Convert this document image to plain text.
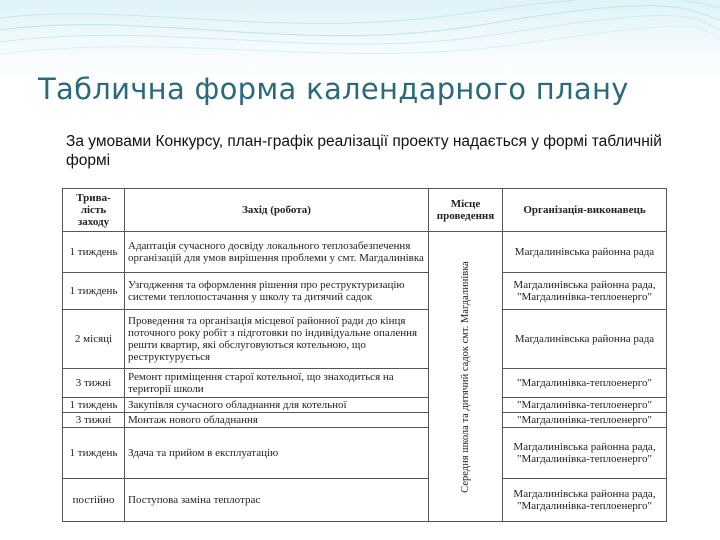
Таблична форма календарного плану
За умовами Конкурсу, план-графік реалізації проекту надається у формі табличній формі
Трива-лість заходу	Захід (робота)	Місце проведення	Організація-виконавець
1 тиждень	Адаптація сучасного досвіду локального теплозабезпечення організацій для умов вирішення проблеми у смт. Магдалинівка	Середня школа та дитячий садок смт. Магдалинівка	Магдалинівська районна рада
1 тиждень	Узгодження та оформлення рішення про реструктуризацію системи теплопостачання у школу та дитячий садок		Магдалинівська районна рада, "Магдалинівка-теплоенерго"
2 місяці	Проведення та організація місцевої районної ради до кінця поточного року робіт з підготовки по індивідуальне опалення решти квартир, які обслуговуються котельною, що реструктурується		Магдалинівська районна рада
3 тижні	Ремонт приміщення старої котельної, що знаходиться на території школи		"Магдалинівка-теплоенерго"
1 тиждень	Закупівля сучасного обладнання для котельної		"Магдалинівка-теплоенерго"
3 тижні	Монтаж нового обладнання		"Магдалинівка-теплоенерго"
1 тиждень	Здача та прийом в експлуатацію		Магдалинівська районна рада, "Магдалинівка-теплоенерго"
постійно	Поступова заміна теплотрас		Магдалинівська районна рада, "Магдалинівка-теплоенерго"
